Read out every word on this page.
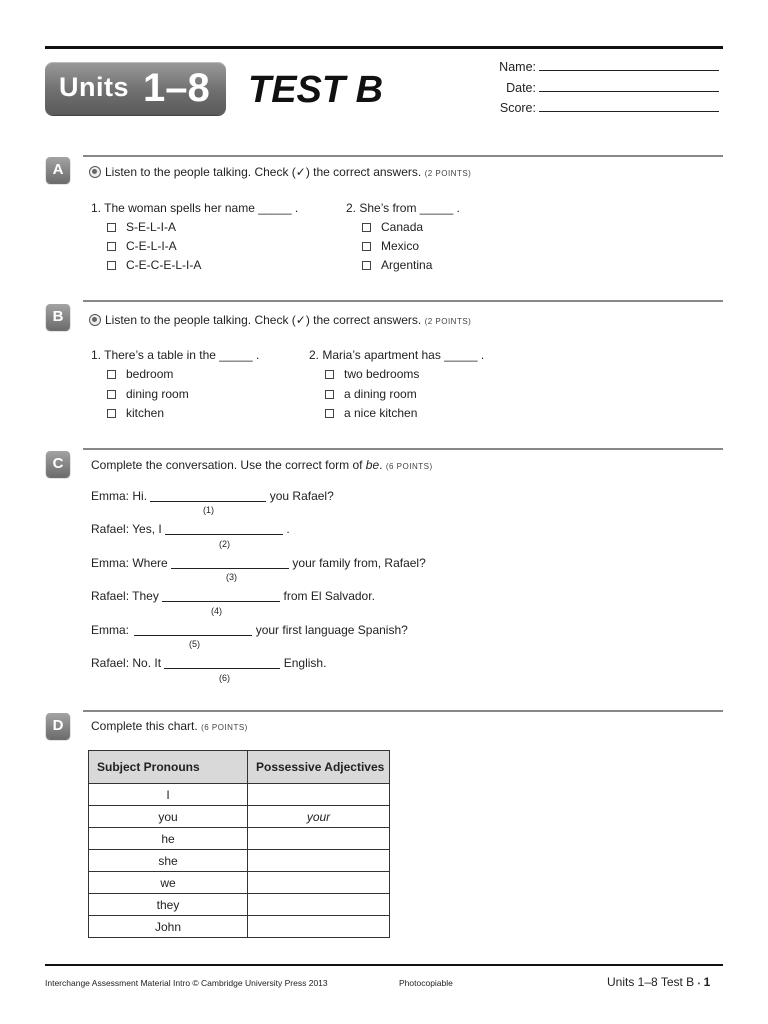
Units 1–8 TEST B
Name:
Date:
Score:
A	Listen to the people talking. Check (✓) the correct answers. (2 POINTS)
1. The woman spells her name _____ .
S-E-L-I-A
C-E-L-I-A
C-E-C-E-L-I-A
2. She’s from _____ .
Canada
Mexico
Argentina
B	Listen to the people talking. Check (✓) the correct answers. (2 POINTS)
1. There’s a table in the _____ .
bedroom
dining room
kitchen
2. Maria’s apartment has _____ .
two bedrooms
a dining room
a nice kitchen
C	Complete the conversation. Use the correct form of be. (6 POINTS)
Emma: Hi.	you Rafael?
(1)
Rafael: Yes, I	.
(2)
Emma: Where	your family from, Rafael?
(3)
Rafael: They	from El Salvador.
(4)
Emma:	your first language Spanish?
(5)
Rafael: No. It	English.
(6)
D	Complete this chart. (6 POINTS)
Subject Pronouns	Possessive Adjectives
I	
you	your
he	
she	
we	
they	
John	
Interchange Assessment Material Intro © Cambridge University Press 2013	Photocopiable	Units 1–8 Test B • 1
